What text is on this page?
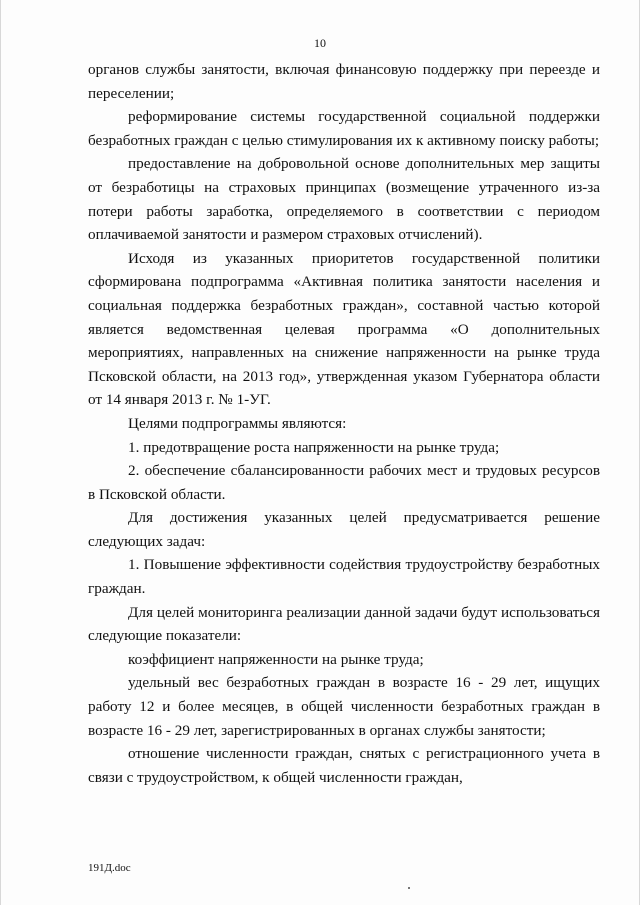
10

органов службы занятости, включая финансовую поддержку при переезде и переселении;

реформирование системы государственной социальной поддержки безработных граждан с целью стимулирования их к активному поиску работы;

предоставление на добровольной основе дополнительных мер защиты от безработицы на страховых принципах (возмещение утраченного из-за потери работы заработка, определяемого в соответствии с периодом оплачиваемой занятости и размером страховых отчислений).

Исходя из указанных приоритетов государственной политики сформирована подпрограмма «Активная политика занятости населения и социальная поддержка безработных граждан», составной частью которой является ведомственная целевая программа «О дополнительных мероприятиях, направленных на снижение напряженности на рынке труда Псковской области, на 2013 год», утвержденная указом Губернатора области от 14 января 2013 г. № 1-УГ.

Целями подпрограммы являются:

1. предотвращение роста напряженности на рынке труда;

2. обеспечение сбалансированности рабочих мест и трудовых ресурсов в Псковской области.

Для достижения указанных целей предусматривается решение следующих задач:

1. Повышение эффективности содействия трудоустройству безработных граждан.

Для целей мониторинга реализации данной задачи будут использоваться следующие показатели:

коэффициент напряженности на рынке труда;

удельный вес безработных граждан в возрасте 16 - 29 лет, ищущих работу 12 и более месяцев, в общей численности безработных граждан в возрасте 16 - 29 лет, зарегистрированных в органах службы занятости;

отношение численности граждан, снятых с регистрационного учета в связи с трудоустройством, к общей численности граждан,

191Д.doc
